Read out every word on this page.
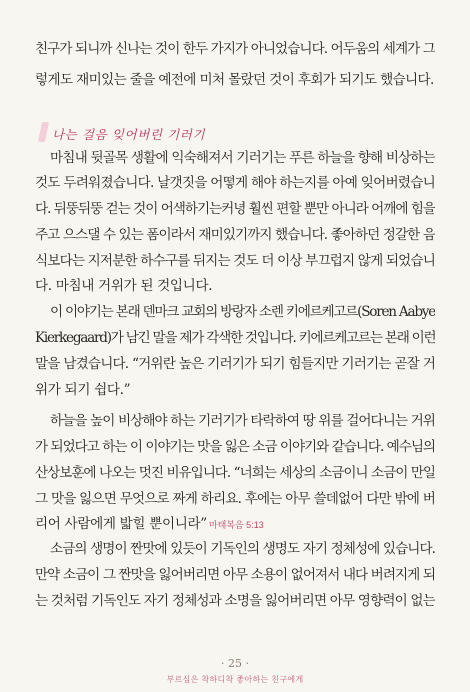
친구가 되니까 신나는 것이 한두 가지가 아니었습니다. 어두움의 세계가 그
렇게도 재미있는 줄을 예전에 미처 몰랐던 것이 후회가 되기도 했습니다.
나는 걸음 잊어버린 기러기
마침내 뒷골목 생활에 익숙해져서 기러기는 푸른 하늘을 향해 비상하는
것도 두려워졌습니다. 날갯짓을 어떻게 해야 하는지를 아예 잊어버렸습니
다. 뒤뚱뒤뚱 걷는 것이 어색하기는커녕 훨씬 편할 뿐만 아니라 어깨에 힘을
주고 으스댈 수 있는 폼이라서 재미있기까지 했습니다. 좋아하던 정갈한 음
식보다는 지저분한 하수구를 뒤지는 것도 더 이상 부끄럽지 않게 되었습니
다. 마침내 거위가 된 것입니다.
이 이야기는 본래 덴마크 교회의 방랑자 소렌 키에르케고르(Soren Aabye
Kierkegaard)가 남긴 말을 제가 각색한 것입니다. 키에르케고르는 본래 이런
말을 남겼습니다. “거위란 높은 기러기가 되기 힘들지만 기러기는 곧잘 거
위가 되기 쉽다.”
하늘을 높이 비상해야 하는 기러기가 타락하여 땅 위를 걸어다니는 거위
가 되었다고 하는 이 이야기는 맛을 잃은 소금 이야기와 같습니다. 예수님의
산상보훈에 나오는 멋진 비유입니다. “너희는 세상의 소금이니 소금이 만일
그 맛을 잃으면 무엇으로 짜게 하리요. 후에는 아무 쓸데없어 다만 밖에 버
리어 사람에게 밟힐 뿐이니라” 마태복음 5:13
소금의 생명이 짠맛에 있듯이 기독인의 생명도 자기 정체성에 있습니다.
만약 소금이 그 짠맛을 잃어버리면 아무 소용이 없어져서 내다 버려지게 되
는 것처럼 기독인도 자기 정체성과 소명을 잃어버리면 아무 영향력이 없는
· 25 ·
부르심은 착하디착 좋아하는 친구에게
